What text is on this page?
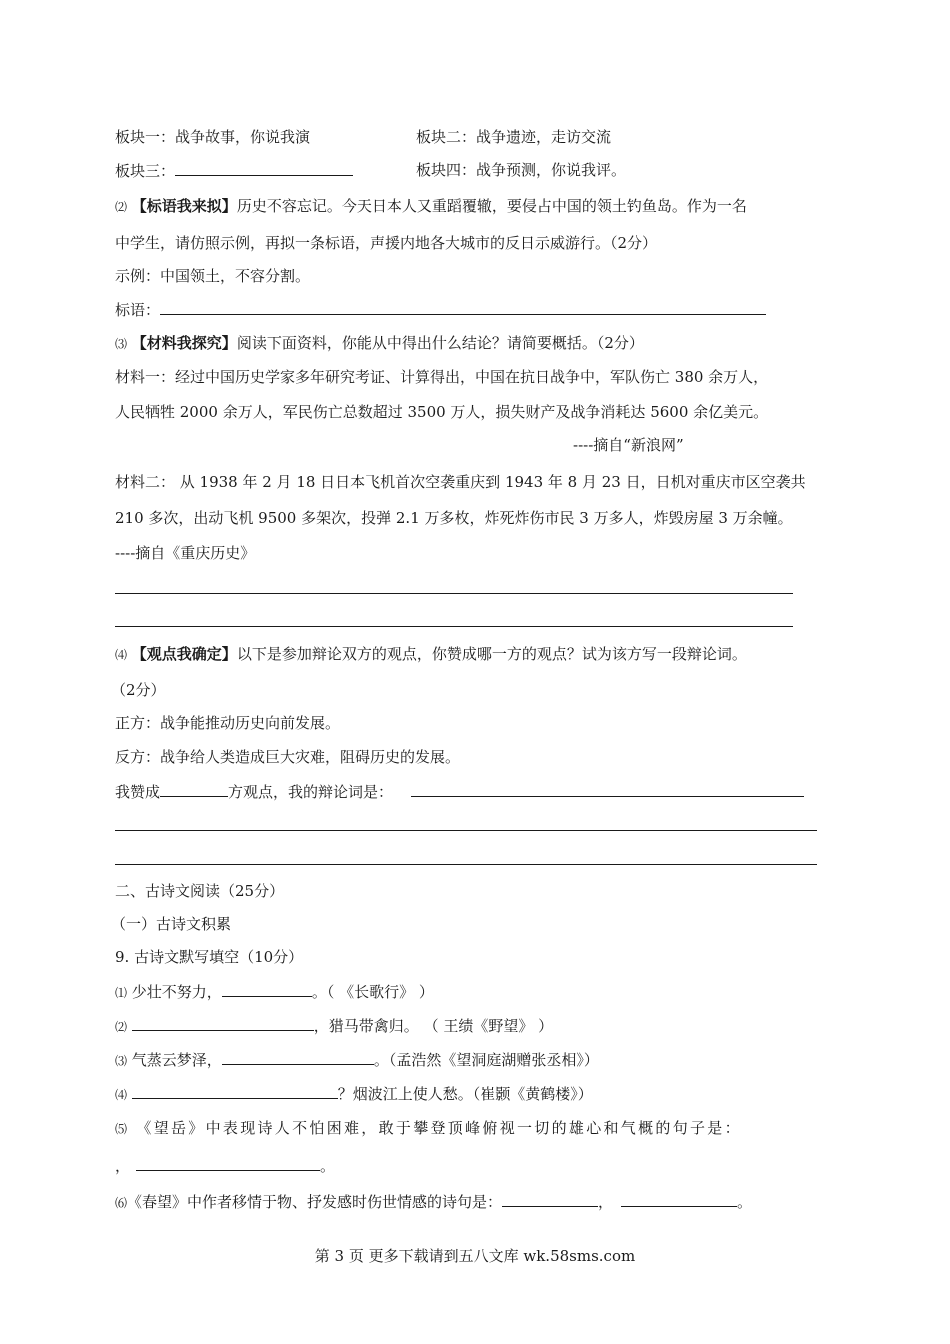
板块一：战争故事，你说我演	板块二：战争遗迹，走访交流
板块三：	板块四：战争预测，你说我评。
⑵ 【标语我来拟】历史不容忘记。今天日本人又重蹈覆辙，要侵占中国的领土钓鱼岛。作为一名
中学生，请仿照示例，再拟一条标语，声援内地各大城市的反日示威游行。（2分）
示例：中国领土，不容分割。
标语：
⑶ 【材料我探究】阅读下面资料，你能从中得出什么结论？请简要概括。（2分）
材料一：经过中国历史学家多年研究考证、计算得出，中国在抗日战争中，军队伤亡 380 余万人，
人民牺牲 2000 余万人，军民伤亡总数超过 3500 万人，损失财产及战争消耗达 5600 余亿美元。
----摘自“新浪网”
材料二： 从 1938 年 2 月 18 日日本飞机首次空袭重庆到 1943 年 8 月 23 日，日机对重庆市区空袭共
210 多次，出动飞机 9500 多架次，投弹 2.1 万多枚，炸死炸伤市民 3 万多人，炸毁房屋 3 万余幢。
----摘自《重庆历史》
⑷ 【观点我确定】以下是参加辩论双方的观点，你赞成哪一方的观点？试为该方写一段辩论词。
（2分）
正方：战争能推动历史向前发展。
反方：战争给人类造成巨大灾难，阻碍历史的发展。
我赞成	方观点，我的辩论词是：
二、古诗文阅读（25分）
（一）古诗文积累
9. 古诗文默写填空（10分）
⑴ 少壮不努力，	。（ 《长歌行》 ）
⑵	，猎马带禽归。 （ 王绩《野望》 ）
⑶ 气蒸云梦泽，	。（孟浩然《望洞庭湖赠张丞相》）
⑷	？烟波江上使人愁。（崔颢《黄鹤楼》）
⑸ 《望岳》中表现诗人不怕困难，敢于攀登顶峰俯视一切的雄心和气概的句子是：
，	。
⑹《春望》中作者移情于物、抒发感时伤世情感的诗句是：	，	。
第 3 页 更多下载请到五八文库 wk.58sms.com
